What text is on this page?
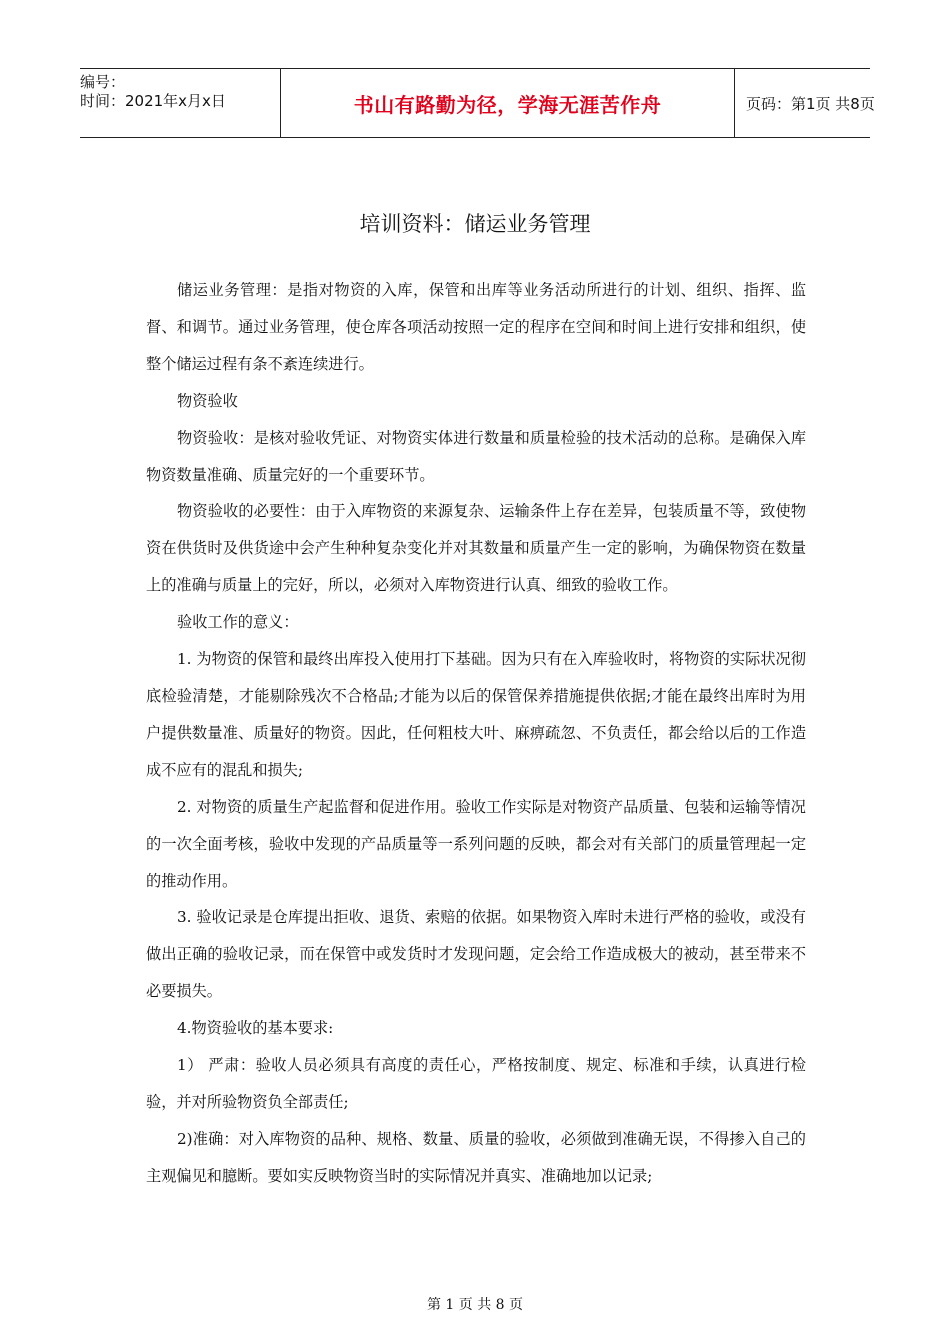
编号：
时间：2021年x月x日	书山有路勤为径，学海无涯苦作舟	页码：第1页 共8页
培训资料：储运业务管理

储运业务管理：是指对物资的入库，保管和出库等业务活动所进行的计划、组织、指挥、监督、和调节。通过业务管理，使仓库各项活动按照一定的程序在空间和时间上进行安排和组织，使整个储运过程有条不紊连续进行。

物资验收

物资验收：是核对验收凭证、对物资实体进行数量和质量检验的技术活动的总称。是确保入库物资数量准确、质量完好的一个重要环节。

物资验收的必要性：由于入库物资的来源复杂、运输条件上存在差异，包装质量不等，致使物资在供货时及供货途中会产生种种复杂变化并对其数量和质量产生一定的影响，为确保物资在数量上的准确与质量上的完好，所以，必须对入库物资进行认真、细致的验收工作。

验收工作的意义：

1. 为物资的保管和最终出库投入使用打下基础。因为只有在入库验收时，将物资的实际状况彻底检验清楚，才能剔除残次不合格品;才能为以后的保管保养措施提供依据;才能在最终出库时为用户提供数量准、质量好的物资。因此，任何粗枝大叶、麻痹疏忽、不负责任，都会给以后的工作造成不应有的混乱和损失;

2. 对物资的质量生产起监督和促进作用。验收工作实际是对物资产品质量、包装和运输等情况的一次全面考核，验收中发现的产品质量等一系列问题的反映，都会对有关部门的质量管理起一定的推动作用。

3. 验收记录是仓库提出拒收、退货、索赔的依据。如果物资入库时未进行严格的验收，或没有做出正确的验收记录，而在保管中或发货时才发现问题，定会给工作造成极大的被动，甚至带来不必要损失。

4.物资验收的基本要求:

1） 严肃：验收人员必须具有高度的责任心，严格按制度、规定、标准和手续，认真进行检验，并对所验物资负全部责任;

2)准确：对入库物资的品种、规格、数量、质量的验收，必须做到准确无误，不得掺入自己的主观偏见和臆断。要如实反映物资当时的实际情况并真实、准确地加以记录;

第 1 页 共 8 页
